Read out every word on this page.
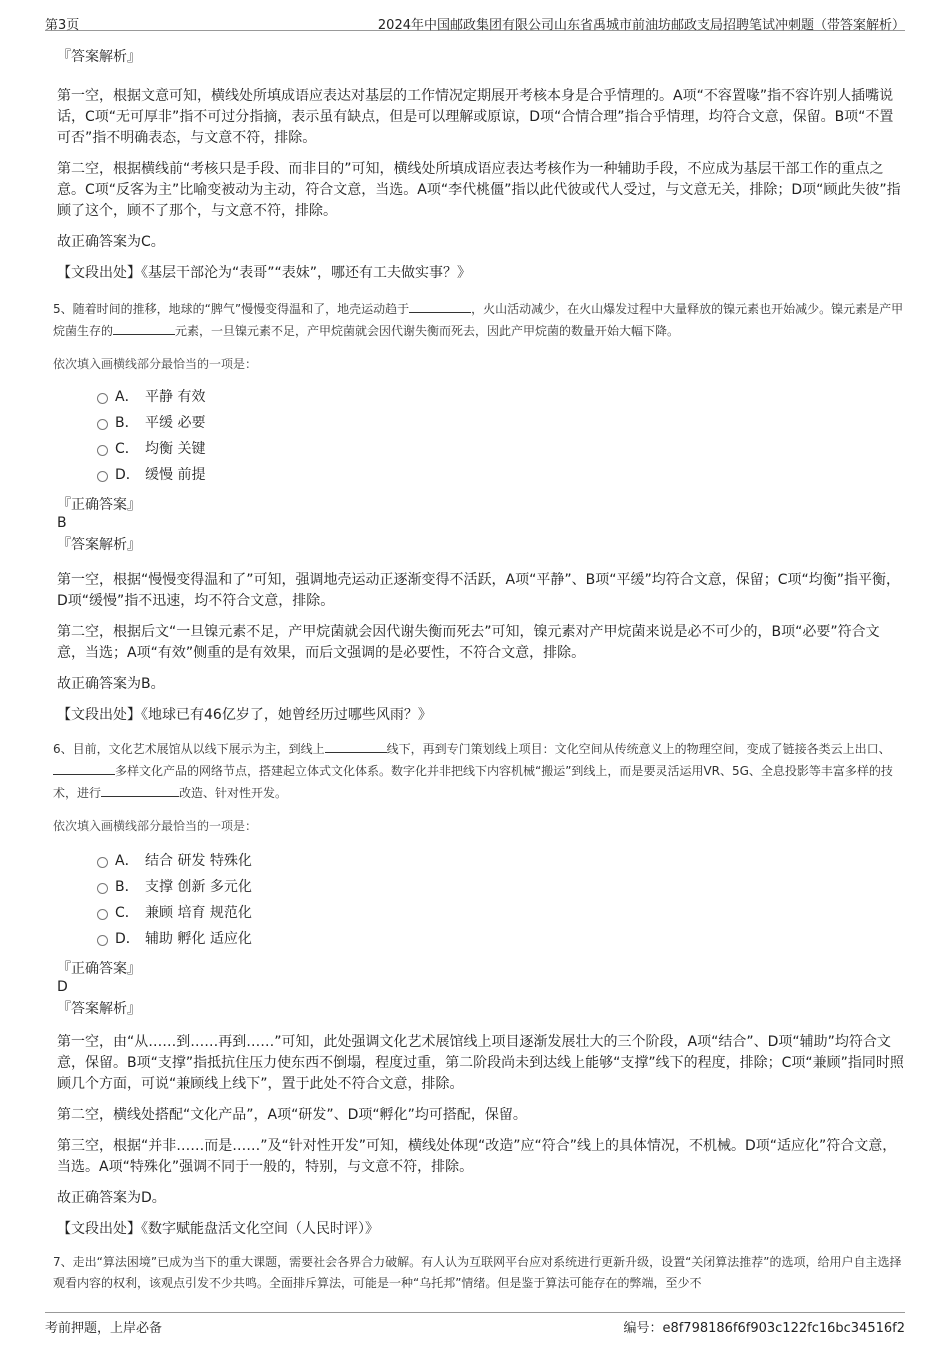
第3页	2024年中国邮政集团有限公司山东省禹城市前油坊邮政支局招聘笔试冲刺题（带答案解析）

『答案解析』

第一空，根据文意可知，横线处所填成语应表达对基层的工作情况定期展开考核本身是合乎情理的。A项“不容置喙”指不容许别人插嘴说话，C项“无可厚非”指不可过分指摘，表示虽有缺点，但是可以理解或原谅，D项“合情合理”指合乎情理，均符合文意，保留。B项“不置可否”指不明确表态，与文意不符，排除。

第二空，根据横线前“考核只是手段、而非目的”可知，横线处所填成语应表达考核作为一种辅助手段，不应成为基层干部工作的重点之意。C项“反客为主”比喻变被动为主动，符合文意，当选。A项“李代桃僵”指以此代彼或代人受过，与文意无关，排除；D项“顾此失彼”指顾了这个，顾不了那个，与文意不符，排除。

故正确答案为C。

【文段出处】《基层干部沦为“表哥”“表妹”，哪还有工夫做实事？》

5、随着时间的推移，地球的“脾气”慢慢变得温和了，地壳运动趋于	，火山活动减少，在火山爆发过程中大量释放的镍元素也开始减少。镍元素是产甲烷菌生存的	元素，一旦镍元素不足，产甲烷菌就会因代谢失衡而死去，因此产甲烷菌的数量开始大幅下降。

依次填入画横线部分最恰当的一项是：

A． 平静 有效
B． 平缓 必要
C． 均衡 关键
D． 缓慢 前提

『正确答案』

B

『答案解析』

第一空，根据“慢慢变得温和了”可知，强调地壳运动正逐渐变得不活跃，A项“平静”、B项“平缓”均符合文意，保留；C项“均衡”指平衡，D项“缓慢”指不迅速，均不符合文意，排除。

第二空，根据后文“一旦镍元素不足，产甲烷菌就会因代谢失衡而死去”可知，镍元素对产甲烷菌来说是必不可少的，B项“必要”符合文意，当选；A项“有效”侧重的是有效果，而后文强调的是必要性，不符合文意，排除。

故正确答案为B。

【文段出处】《地球已有46亿岁了，她曾经历过哪些风雨？》

6、目前，文化艺术展馆从以线下展示为主，到线上	线下，再到专门策划线上项目：文化空间从传统意义上的物理空间，变成了链接各类云上出口、多样文化产品的网络节点，搭建起立体式文化体系。数字化并非把线下内容机械“搬运”到线上，而是要灵活运用VR、5G、全息投影等丰富多样的技术，进行	改造、针对性开发。

依次填入画横线部分最恰当的一项是：

A． 结合 研发 特殊化
B． 支撑 创新 多元化
C． 兼顾 培育 规范化
D． 辅助 孵化 适应化

『正确答案』

D

『答案解析』

第一空，由“从……到……再到……”可知，此处强调文化艺术展馆线上项目逐渐发展壮大的三个阶段，A项“结合”、D项“辅助”均符合文意，保留。B项“支撑”指抵抗住压力使东西不倒塌，程度过重，第二阶段尚未到达线上能够“支撑”线下的程度，排除；C项“兼顾”指同时照顾几个方面，可说“兼顾线上线下”，置于此处不符合文意，排除。

第二空，横线处搭配“文化产品”，A项“研发”、D项“孵化”均可搭配，保留。

第三空，根据“并非……而是……”及“针对性开发”可知，横线处体现“改造”应“符合”线上的具体情况，不机械。D项“适应化”符合文意，当选。A项“特殊化”强调不同于一般的，特别，与文意不符，排除。

故正确答案为D。

【文段出处】《数字赋能盘活文化空间（人民时评）》

7、走出“算法困境”已成为当下的重大课题，需要社会各界合力破解。有人认为互联网平台应对系统进行更新升级，设置“关闭算法推荐”的选项，给用户自主选择观看内容的权利，该观点引发不少共鸣。全面排斥算法，可能是一种“乌托邦”情绪。但是鉴于算法可能存在的弊端，至少不

考前押题，上岸必备	编号：e8f798186f6f903c122fc16bc34516f2
